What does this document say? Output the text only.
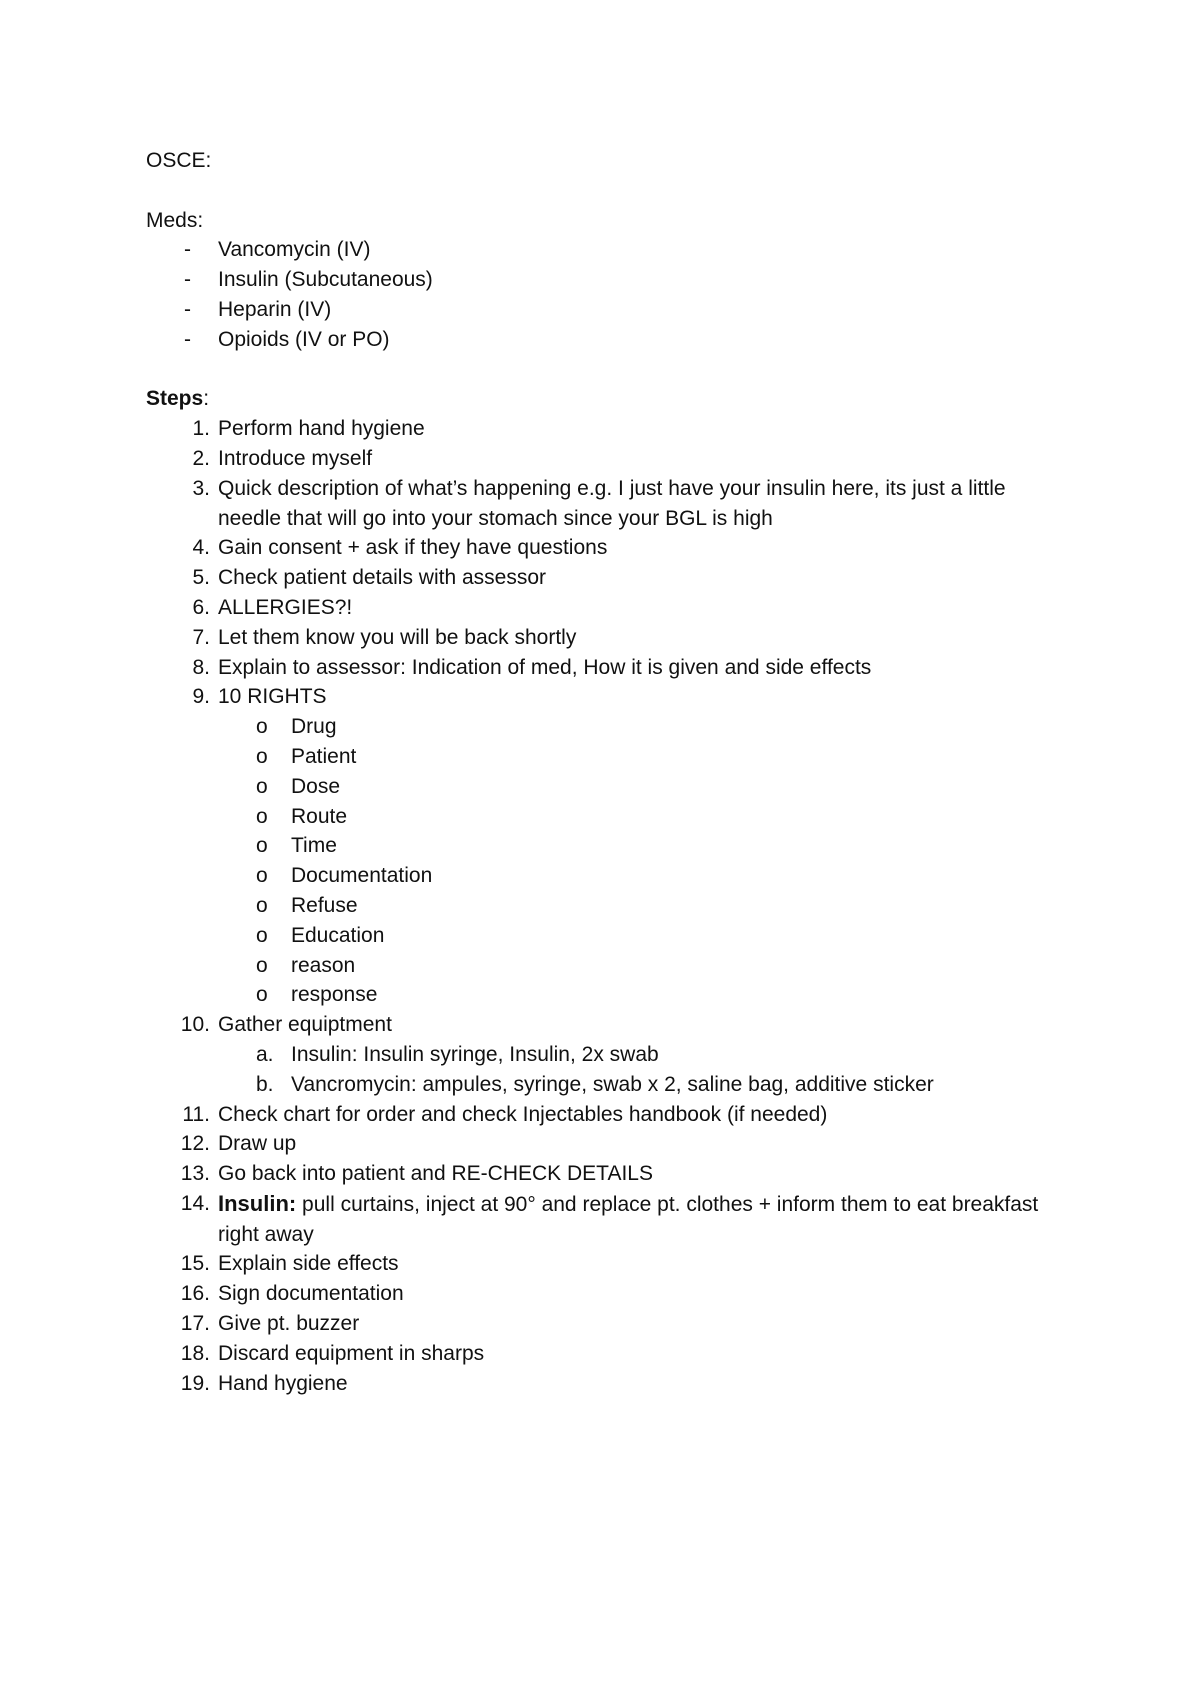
OSCE:
Meds:
-	Vancomycin (IV)
-	Insulin (Subcutaneous)
-	Heparin (IV)
-	Opioids (IV or PO)
Steps:
1. Perform hand hygiene
2. Introduce myself
3. Quick description of what’s happening e.g. I just have your insulin here, its just a little needle that will go into your stomach since your BGL is high
4. Gain consent + ask if they have questions
5. Check patient details with assessor
6. ALLERGIES?!
7. Let them know you will be back shortly
8. Explain to assessor: Indication of med, How it is given and side effects
9. 10 RIGHTS
o	Drug
o	Patient
o	Dose
o	Route
o	Time
o	Documentation
o	Refuse
o	Education
o	reason
o	response
10. Gather equiptment
a. Insulin: Insulin syringe, Insulin, 2x swab
b. Vancromycin: ampules, syringe, swab x 2, saline bag, additive sticker
11. Check chart for order and check Injectables handbook (if needed)
12. Draw up
13. Go back into patient and RE-CHECK DETAILS
14. Insulin: pull curtains, inject at 90° and replace pt. clothes + inform them to eat breakfast right away
15. Explain side effects
16. Sign documentation
17. Give pt. buzzer
18. Discard equipment in sharps
19. Hand hygiene
